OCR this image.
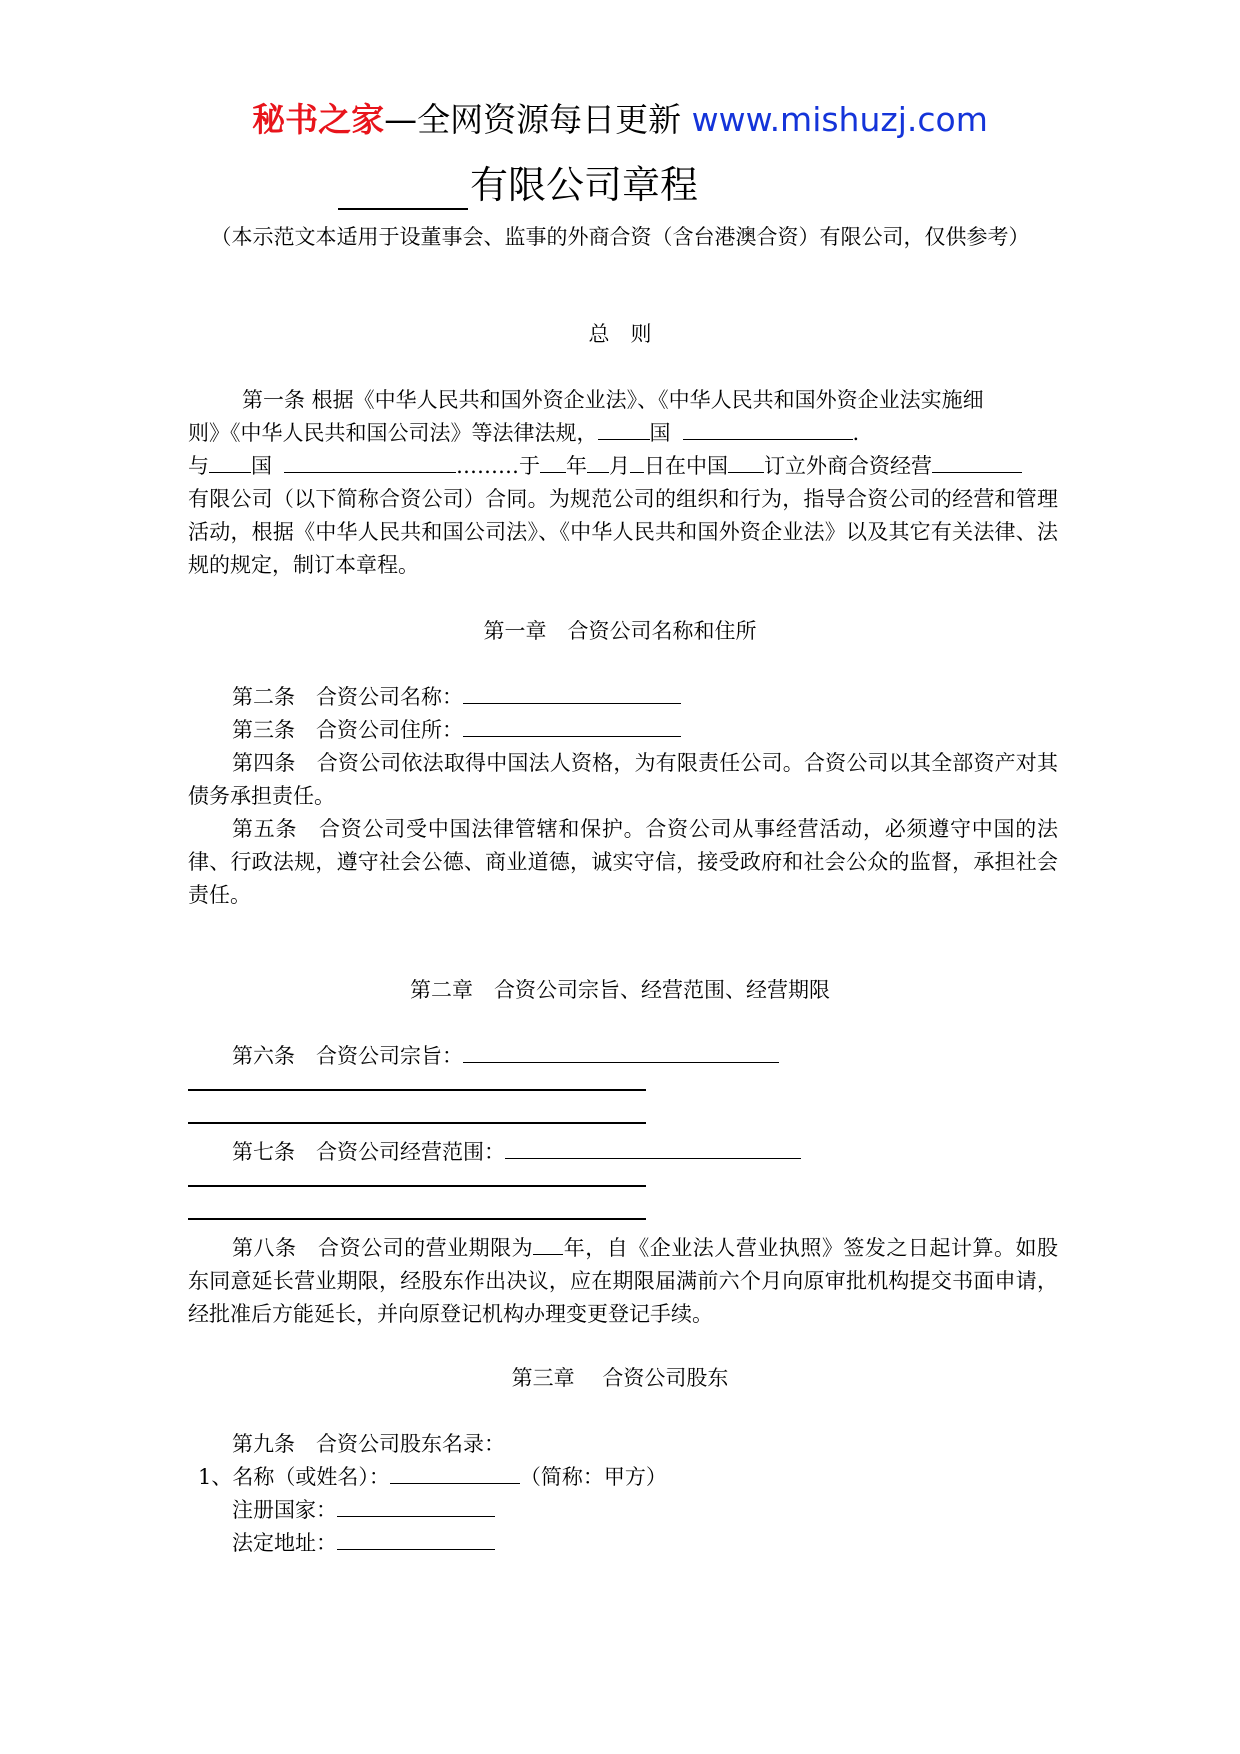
秘书之家—全网资源每日更新 www.mishuzj.com
有限公司章程
（本示范文本适用于设董事会、监事的外商合资（含台港澳合资）有限公司，仅供参考）
总　则
第一条 根据《中华人民共和国外资企业法》、《中华人民共和国外资企业法实施细
则》《中华人民共和国公司法》等法律法规， 国	.
与 国	………于 年 月 日在中国 订立外商合资经营
有限公司（以下简称合资公司）合同。为规范公司的组织和行为，指导合资公司的经营和管理活动，根据《中华人民共和国公司法》、《中华人民共和国外资企业法》以及其它有关法律、法规的规定，制订本章程。
第一章　合资公司名称和住所
第二条　合资公司名称：
第三条　合资公司住所：
第四条　合资公司依法取得中国法人资格，为有限责任公司。合资公司以其全部资产对其债务承担责任。
第五条　合资公司受中国法律管辖和保护。合资公司从事经营活动，必须遵守中国的法律、行政法规，遵守社会公德、商业道德，诚实守信，接受政府和社会公众的监督，承担社会责任。
第二章　合资公司宗旨、经营范围、经营期限
第六条　合资公司宗旨：
第七条　合资公司经营范围：
第八条　合资公司的营业期限为 年，自《企业法人营业执照》签发之日起计算。如股东同意延长营业期限，经股东作出决议，应在期限届满前六个月向原审批机构提交书面申请，经批准后方能延长，并向原登记机构办理变更登记手续。
第三章　 合资公司股东
第九条　合资公司股东名录：
1、名称（或姓名）：	（简称：甲方）
注册国家：
法定地址：
